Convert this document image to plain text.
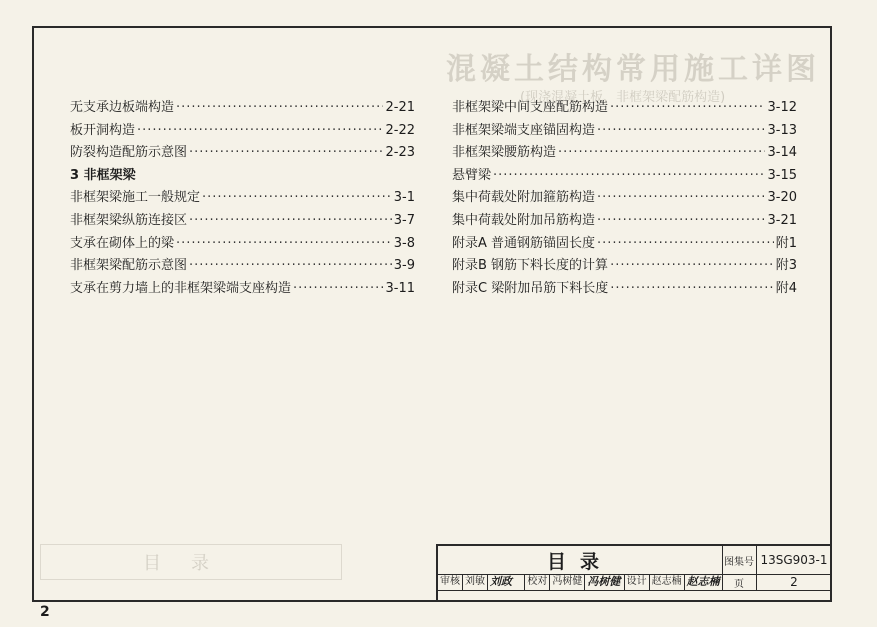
混凝土结构常用施工详图
(现浇混凝土板、非框架梁配筋构造)
目录
无支承边板端构造 ·····	2-21
板开洞构造 ·····	2-22
防裂构造配筋示意图 ·····	2-23
3
非框架梁
非框架梁施工一般规定 ·····	3-1
非框架梁纵筋连接区 ·····	3-7
支承在砌体上的梁 ·····	3-8
非框架梁配筋示意图 ·····	3-9
支承在剪力墙上的非框架梁端支座构造 ·····	3-11
非框架梁中间支座配筋构造 ·····	3-12
非框架梁端支座锚固构造 ·····	3-13
非框架梁腰筋构造 ·····	3-14
悬臂梁 ·····	3-15
集中荷载处附加箍筋构造 ·····	3-20
集中荷载处附加吊筋构造 ·····	3-21
附录A 普通钢筋锚固长度 ·····	附1
附录B 钢筋下料长度的计算 ·····	附3
附录C 梁附加吊筋下料长度 ·····	附4
目录	图集号 13SG903-1
审核 刘敏 刘政	校对 冯树健 冯树健 设计 赵志楠 赵志楠	页	2
2
